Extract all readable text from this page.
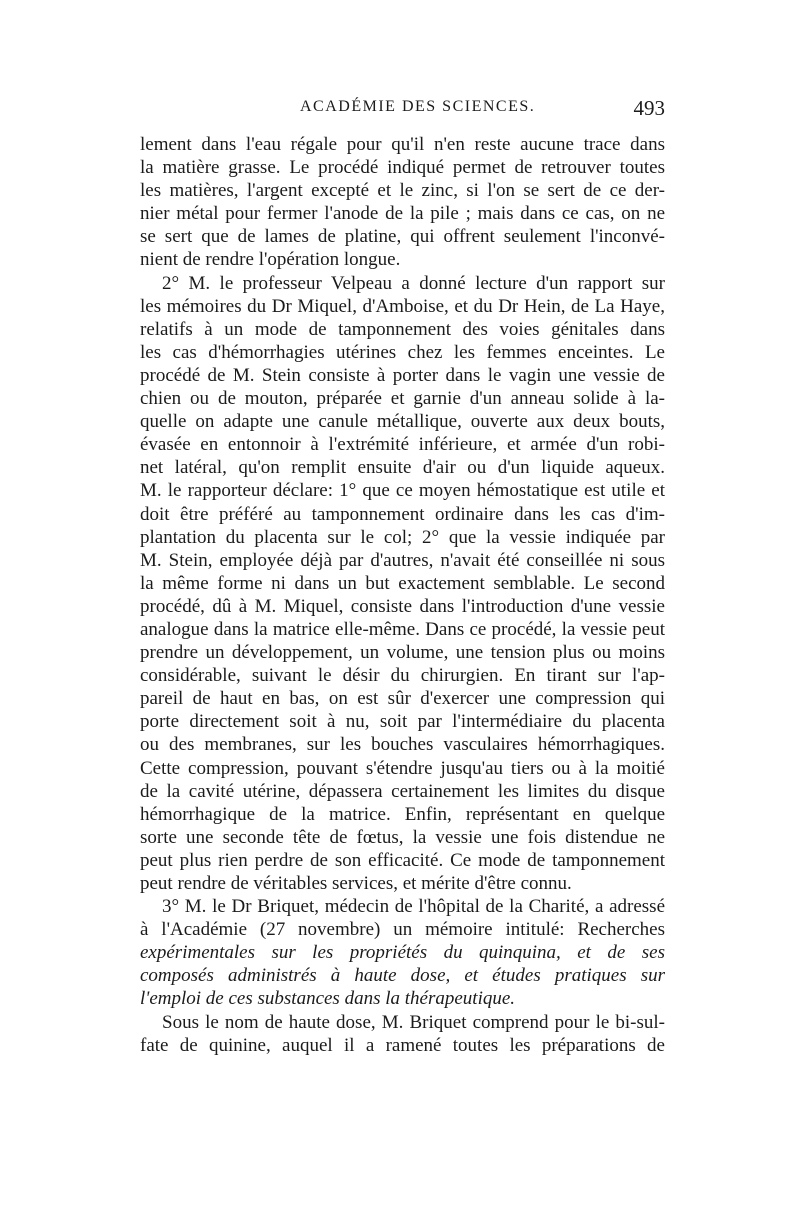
ACADÉMIE DES SCIENCES.	493
lement dans l'eau régale pour qu'il n'en reste aucune trace dans
la matière grasse. Le procédé indiqué permet de retrouver toutes
les matières, l'argent excepté et le zinc, si l'on se sert de ce der-
nier métal pour fermer l'anode de la pile ; mais dans ce cas, on ne
se sert que de lames de platine, qui offrent seulement l'inconvé-
nient de rendre l'opération longue.
2° M. le professeur Velpeau a donné lecture d'un rapport sur
les mémoires du Dr Miquel, d'Amboise, et du Dr Hein, de La Haye,
relatifs à un mode de tamponnement des voies génitales dans
les cas d'hémorrhagies utérines chez les femmes enceintes. Le
procédé de M. Stein consiste à porter dans le vagin une vessie de
chien ou de mouton, préparée et garnie d'un anneau solide à la-
quelle on adapte une canule métallique, ouverte aux deux bouts,
évasée en entonnoir à l'extrémité inférieure, et armée d'un robi-
net latéral, qu'on remplit ensuite d'air ou d'un liquide aqueux.
M. le rapporteur déclare: 1° que ce moyen hémostatique est utile et
doit être préféré au tamponnement ordinaire dans les cas d'im-
plantation du placenta sur le col; 2° que la vessie indiquée par
M. Stein, employée déjà par d'autres, n'avait été conseillée ni sous
la même forme ni dans un but exactement semblable. Le second
procédé, dû à M. Miquel, consiste dans l'introduction d'une vessie
analogue dans la matrice elle-même. Dans ce procédé, la vessie peut
prendre un développement, un volume, une tension plus ou moins
considérable, suivant le désir du chirurgien. En tirant sur l'ap-
pareil de haut en bas, on est sûr d'exercer une compression qui
porte directement soit à nu, soit par l'intermédiaire du placenta
ou des membranes, sur les bouches vasculaires hémorrhagiques.
Cette compression, pouvant s'étendre jusqu'au tiers ou à la moitié
de la cavité utérine, dépassera certainement les limites du disque
hémorrhagique de la matrice. Enfin, représentant en quelque
sorte une seconde tête de fœtus, la vessie une fois distendue ne
peut plus rien perdre de son efficacité. Ce mode de tamponnement
peut rendre de véritables services, et mérite d'être connu.
3° M. le Dr Briquet, médecin de l'hôpital de la Charité, a adressé
à l'Académie (27 novembre) un mémoire intitulé: Recherches
expérimentales sur les propriétés du quinquina, et de ses
composés administrés à haute dose, et études pratiques sur
l'emploi de ces substances dans la thérapeutique.
Sous le nom de haute dose, M. Briquet comprend pour le bi-sul-
fate de quinine, auquel il a ramené toutes les préparations de
